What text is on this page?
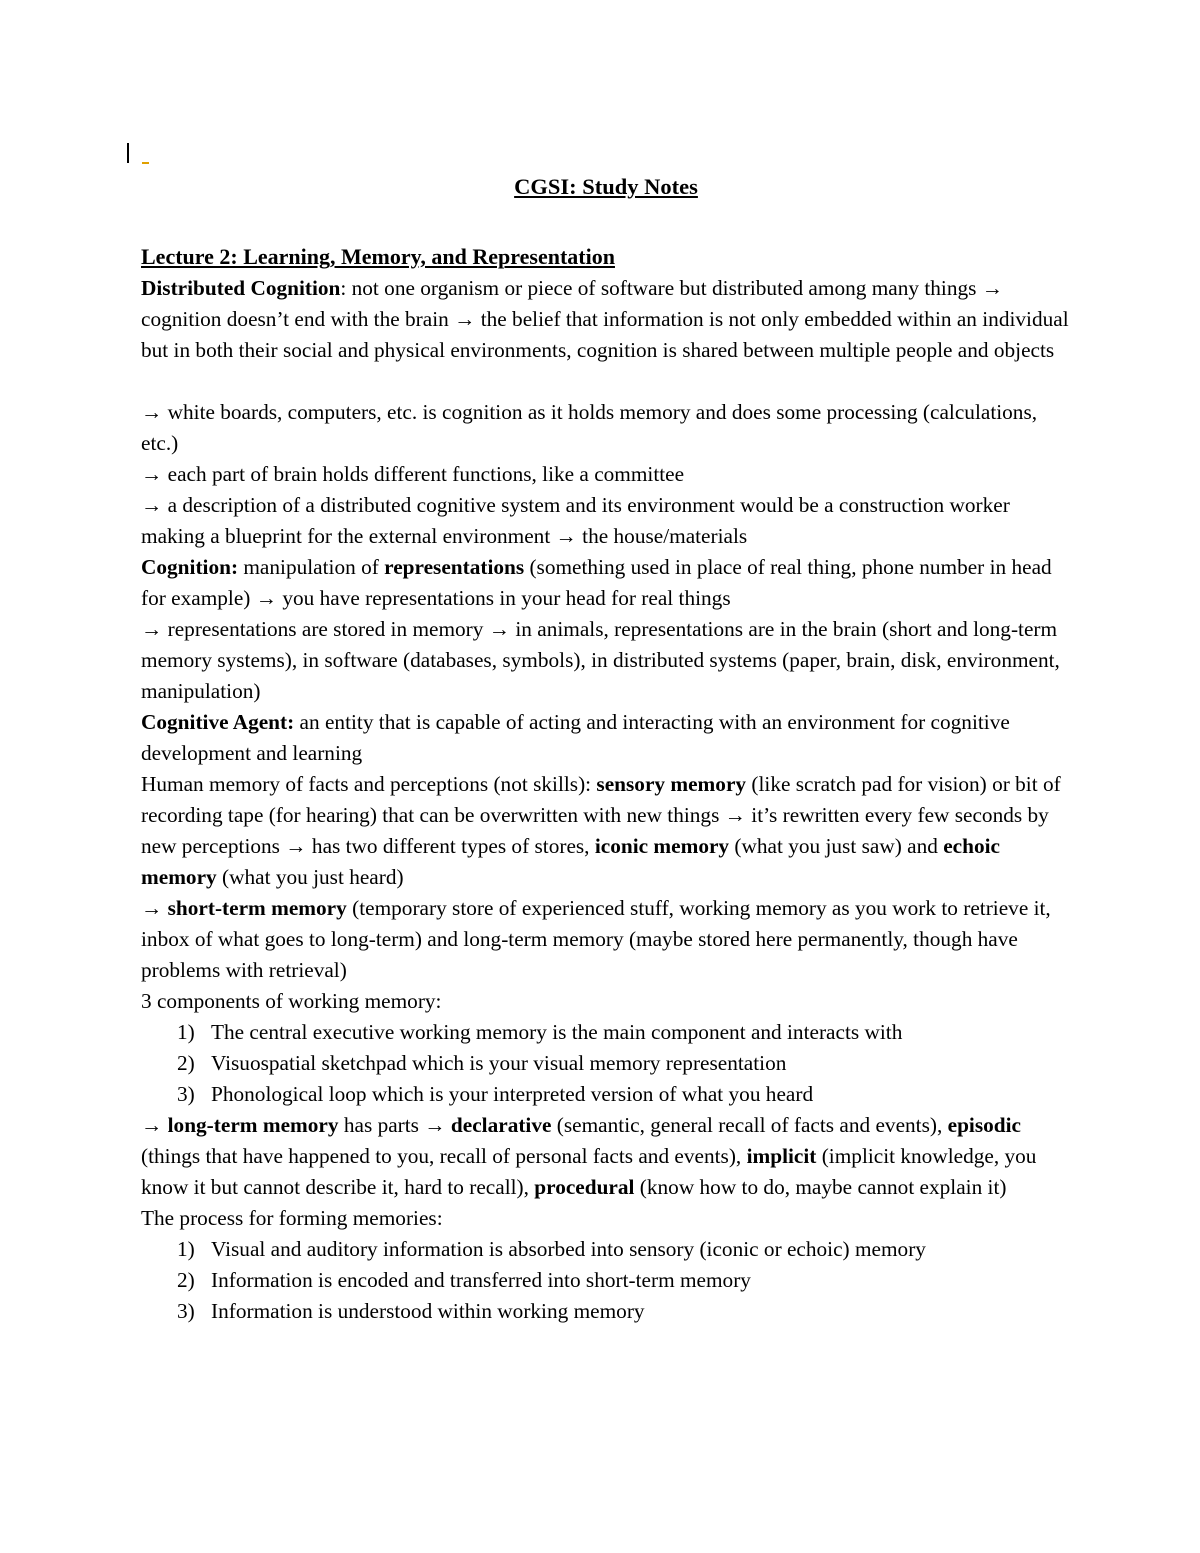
CGSI: Study Notes
Lecture 2: Learning, Memory, and Representation

Distributed Cognition: not one organism or piece of software but distributed among many things → cognition doesn’t end with the brain → the belief that information is not only embedded within an individual but in both their social and physical environments, cognition is shared between multiple people and objects

→ white boards, computers, etc. is cognition as it holds memory and does some processing (calculations, etc.)

→ each part of brain holds different functions, like a committee

→ a description of a distributed cognitive system and its environment would be a construction worker making a blueprint for the external environment → the house/materials

Cognition: manipulation of representations (something used in place of real thing, phone number in head for example) → you have representations in your head for real things

→ representations are stored in memory → in animals, representations are in the brain (short and long-term memory systems), in software (databases, symbols), in distributed systems (paper, brain, disk, environment, manipulation)

Cognitive Agent: an entity that is capable of acting and interacting with an environment for cognitive development and learning

Human memory of facts and perceptions (not skills): sensory memory (like scratch pad for vision) or bit of recording tape (for hearing) that can be overwritten with new things → it’s rewritten every few seconds by new perceptions → has two different types of stores, iconic memory (what you just saw) and echoic memory (what you just heard)

→ short-term memory (temporary store of experienced stuff, working memory as you work to retrieve it, inbox of what goes to long-term) and long-term memory (maybe stored here permanently, though have problems with retrieval)

3 components of working memory:

1) The central executive working memory is the main component and interacts with
2) Visuospatial sketchpad which is your visual memory representation
3) Phonological loop which is your interpreted version of what you heard

→ long-term memory has parts → declarative (semantic, general recall of facts and events), episodic (things that have happened to you, recall of personal facts and events), implicit (implicit knowledge, you know it but cannot describe it, hard to recall), procedural (know how to do, maybe cannot explain it)

The process for forming memories:

1) Visual and auditory information is absorbed into sensory (iconic or echoic) memory
2) Information is encoded and transferred into short-term memory
3) Information is understood within working memory
